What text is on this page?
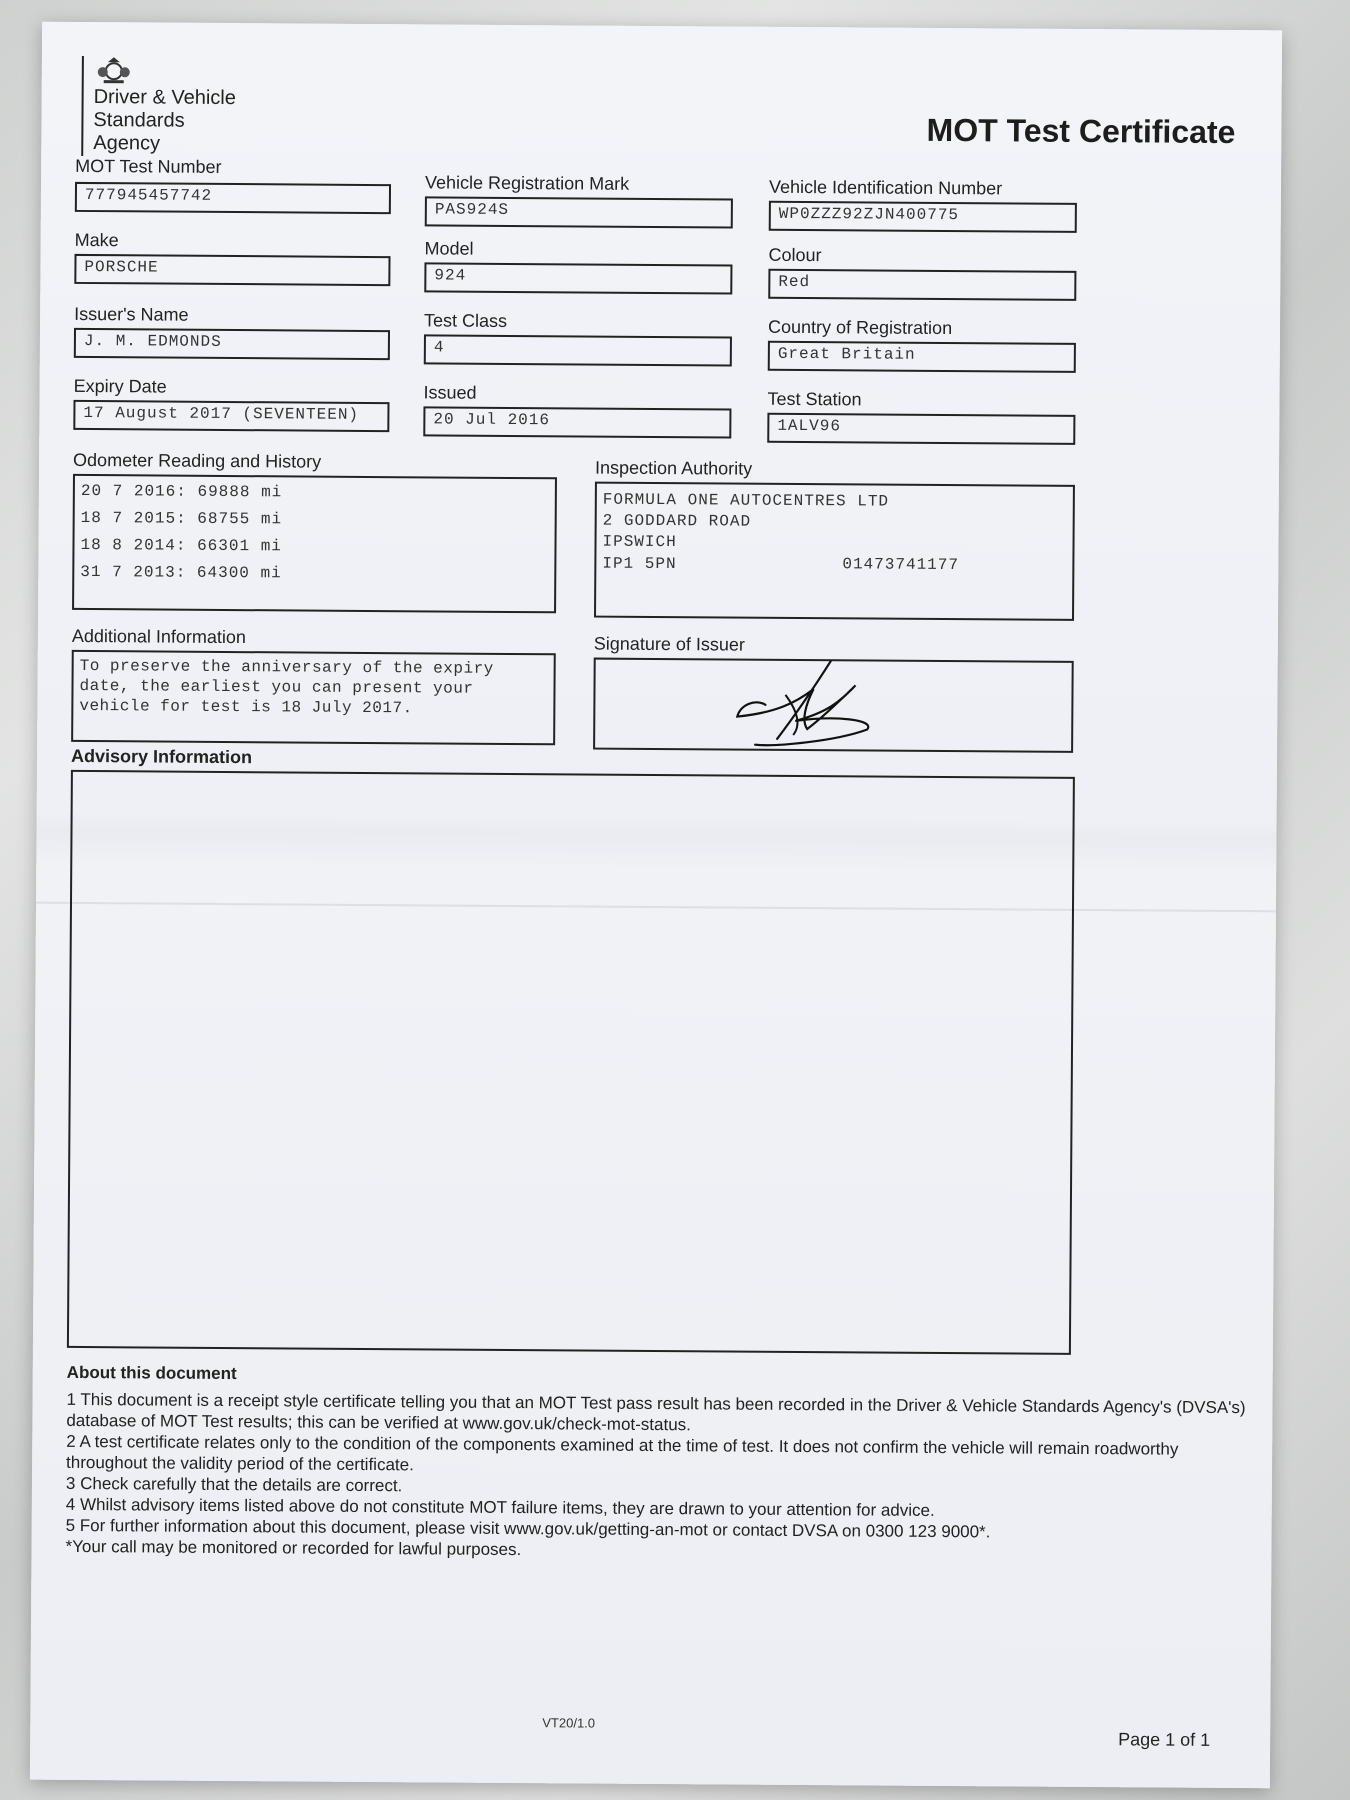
Driver & Vehicle
Standards
Agency	MOT Test Certificate
MOT Test Number
777945457742
Vehicle Registration Mark
PAS924S
Vehicle Identification Number
WP0ZZZ92ZJN400775
Make
PORSCHE
Model
924
Colour
Red
Issuer's Name
J. M. EDMONDS
Test Class
4
Country of Registration
Great Britain
Expiry Date
17 August 2017 (SEVENTEEN)
Issued
20 Jul 2016
Test Station
1ALV96
Odometer Reading and History
20 7 2016: 69888 mi
18 7 2015: 68755 mi
18 8 2014: 66301 mi
31 7 2013: 64300 mi
Inspection Authority
FORMULA ONE AUTOCENTRES LTD
2 GODDARD ROAD
IPSWICH
IP1 5PN	01473741177
Additional Information
To preserve the anniversary of the expiry date, the earliest you can present your vehicle for test is 18 July 2017.
Signature of Issuer
Advisory Information
About this document

1 This document is a receipt style certificate telling you that an MOT Test pass result has been recorded in the Driver & Vehicle Standards Agency's (DVSA's) database of MOT Test results; this can be verified at www.gov.uk/check-mot-status.

2 A test certificate relates only to the condition of the components examined at the time of test. It does not confirm the vehicle will remain roadworthy throughout the validity period of the certificate.

3 Check carefully that the details are correct.

4 Whilst advisory items listed above do not constitute MOT failure items, they are drawn to your attention for advice.

5 For further information about this document, please visit www.gov.uk/getting-an-mot or contact DVSA on 0300 123 9000*.

*Your call may be monitored or recorded for lawful purposes.

VT20/1.0
Page 1 of 1
